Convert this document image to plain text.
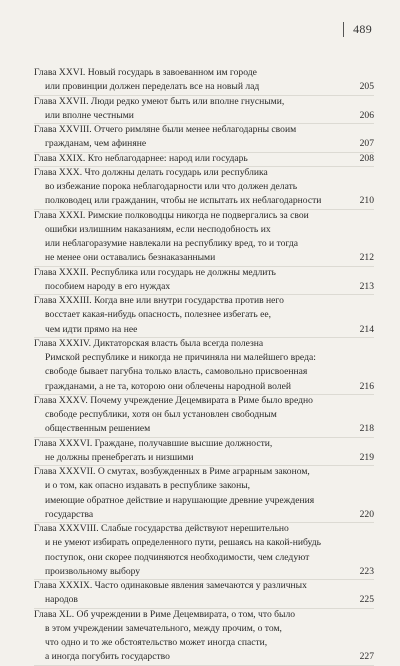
489
Глава XXVI. Новый государь в завоеванном им городе
или провинции должен переделать все на новый лад	205
Глава XXVII. Люди редко умеют быть или вполне гнусными,
или вполне честными	206
Глава XXVIII. Отчего римляне были менее неблагодарны своим
гражданам, чем афиняне	207
Глава XXIX. Кто неблагодарнее: народ или государь	208
Глава XXX. Что должны делать государь или республика
во избежание порока неблагодарности или что должен делать
полководец или гражданин, чтобы не испытать их неблагодарности	210
Глава XXXI. Римские полководцы никогда не подвергались за свои
ошибки излишним наказаниям, если несподобность их
или неблагоразумие навлекали на республику вред, то и тогда
не менее они оставались безнаказанными	212
Глава XXXII. Республика или государь не должны медлить
пособием народу в его нуждах	213
Глава XXXIII. Когда вне или внутри государства против него
восстает какая-нибудь опасность, полезнее избегать ее,
чем идти прямо на нее	214
Глава XXXIV. Диктаторская власть была всегда полезна
Римской республике и никогда не причиняла ни малейшего вреда:
свободе бывает пагубна только власть, самовольно присвоенная
гражданами, а не та, которою они облечены народной волей	216
Глава XXXV. Почему учреждение Децемвирата в Риме было вредно
свободе республики, хотя он был установлен свободным
общественным решением	218
Глава XXXVI. Граждане, получавшие высшие должности,
не должны пренебрегать и низшими	219
Глава XXXVII. О смутах, возбужденных в Риме аграрным законом,
и о том, как опасно издавать в республике законы,
имеющие обратное действие и нарушающие древние учреждения
государства	220
Глава XXXVIII. Слабые государства действуют нерешительно
и не умеют избирать определенного пути, решаясь на какой-нибудь
поступок, они скорее подчиняются необходимости, чем следуют
произвольному выбору	223
Глава XXXIX. Часто одинаковые явления замечаются у различных
народов	225
Глава XL. Об учреждении в Риме Децемвирата, о том, что было
в этом учреждении замечательного, между прочим, о том,
что одно и то же обстоятельство может иногда спасти,
а иногда погубить государство	227
